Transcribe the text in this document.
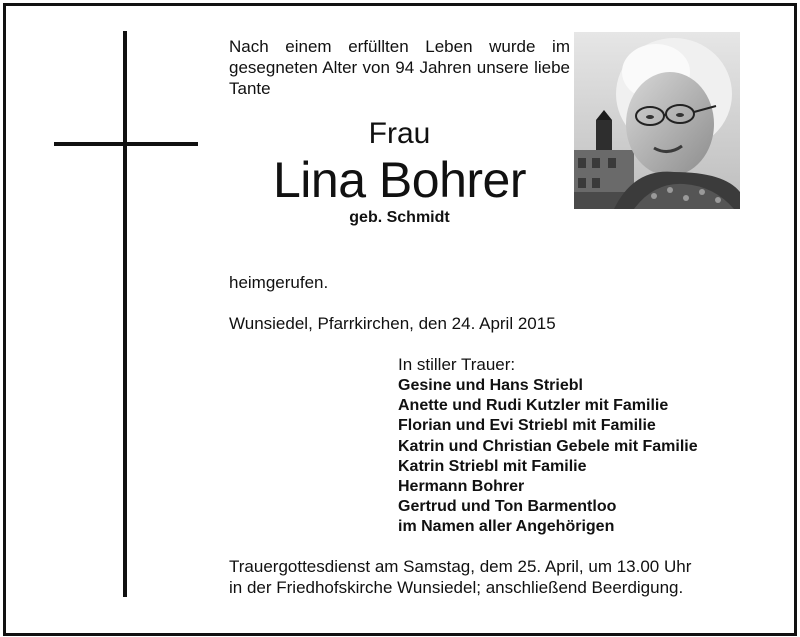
Nach einem erfüllten Leben wurde im gesegneten Alter von 94 Jahren unsere liebe Tante
Frau
Lina Bohrer
geb. Schmidt
heimgerufen.
Wunsiedel, Pfarrkirchen, den 24. April 2015
In stiller Trauer:
Gesine und Hans Striebl
Anette und Rudi Kutzler mit Familie
Florian und Evi Striebl mit Familie
Katrin und Christian Gebele mit Familie
Katrin Striebl mit Familie
Hermann Bohrer
Gertrud und Ton Barmentloo
im Namen aller Angehörigen
Trauergottesdienst am Samstag, dem 25. April, um 13.00 Uhr
in der Friedhofskirche Wunsiedel; anschließend Beerdigung.
